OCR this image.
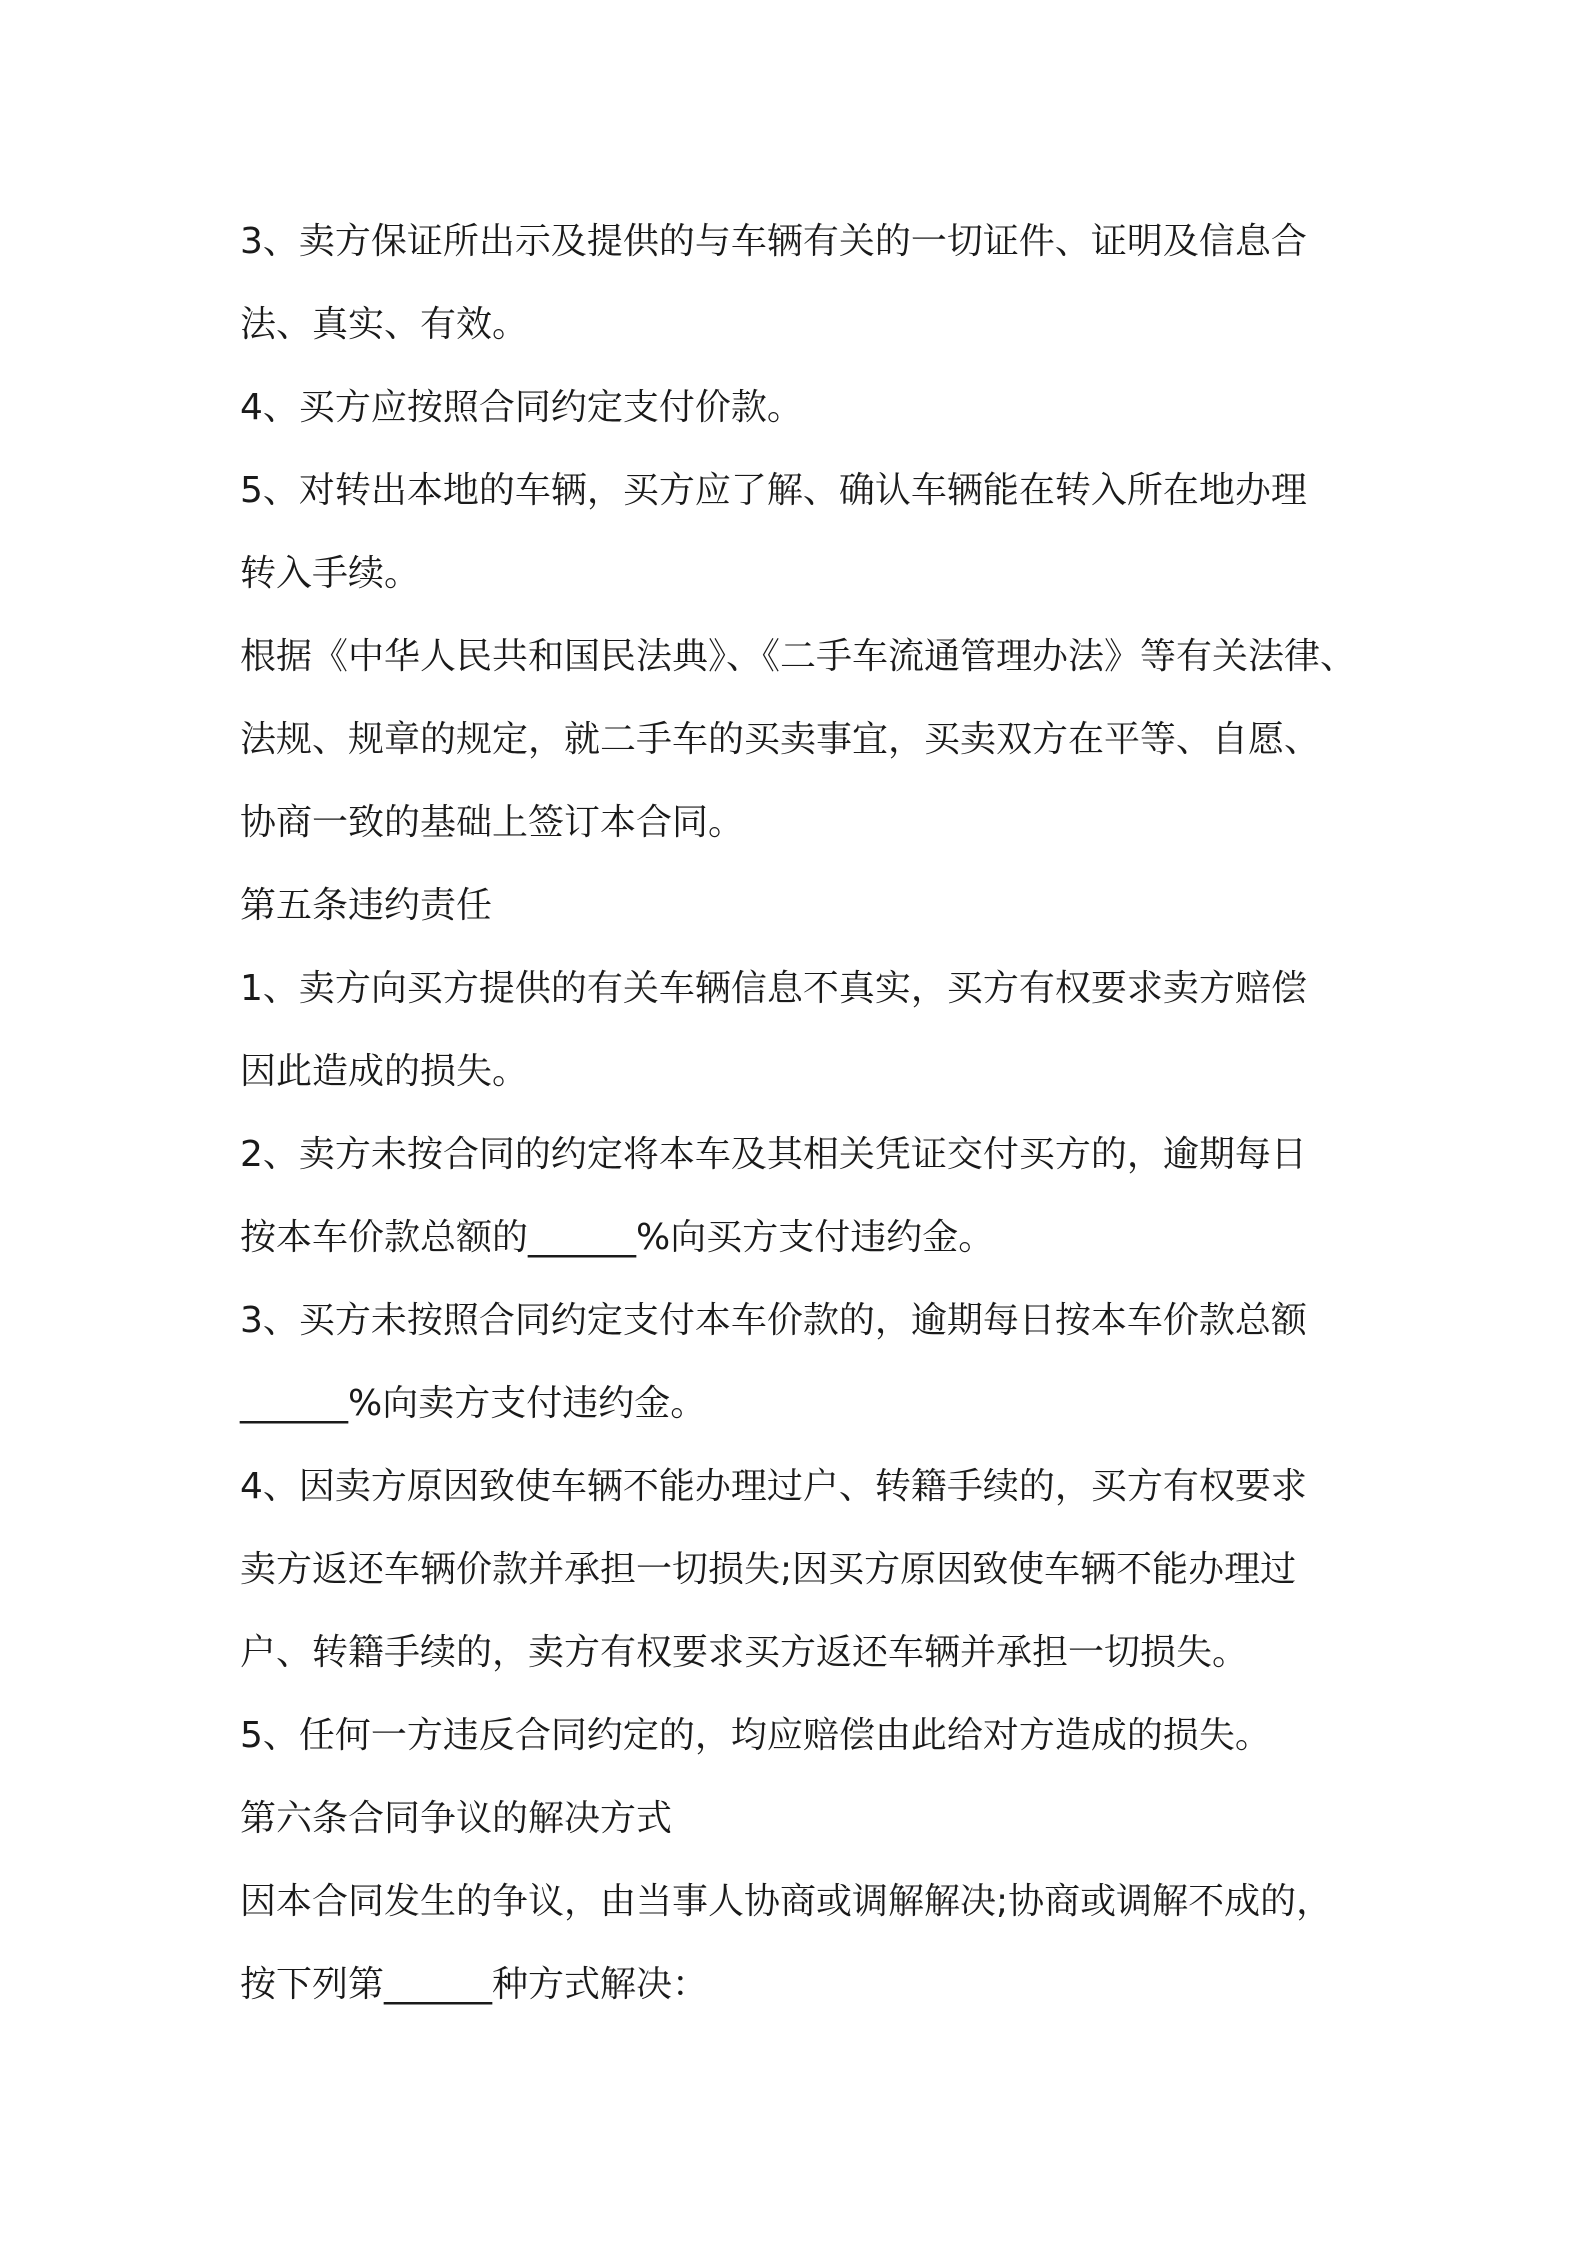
3、卖方保证所出示及提供的与车辆有关的一切证件、证明及信息合

法、真实、有效。

4、买方应按照合同约定支付价款。

5、对转出本地的车辆，买方应了解、确认车辆能在转入所在地办理

转入手续。

根据《中华人民共和国民法典》、《二手车流通管理办法》等有关法律、

法规、规章的规定，就二手车的买卖事宜，买卖双方在平等、自愿、

协商一致的基础上签订本合同。

第五条违约责任

1、卖方向买方提供的有关车辆信息不真实，买方有权要求卖方赔偿

因此造成的损失。

2、卖方未按合同的约定将本车及其相关凭证交付买方的，逾期每日

按本车价款总额的______%向买方支付违约金。

3、买方未按照合同约定支付本车价款的，逾期每日按本车价款总额

______%向卖方支付违约金。

4、因卖方原因致使车辆不能办理过户、转籍手续的，买方有权要求

卖方返还车辆价款并承担一切损失;因买方原因致使车辆不能办理过

户、转籍手续的，卖方有权要求买方返还车辆并承担一切损失。

5、任何一方违反合同约定的，均应赔偿由此给对方造成的损失。

第六条合同争议的解决方式

因本合同发生的争议，由当事人协商或调解解决;协商或调解不成的，

按下列第______种方式解决：
